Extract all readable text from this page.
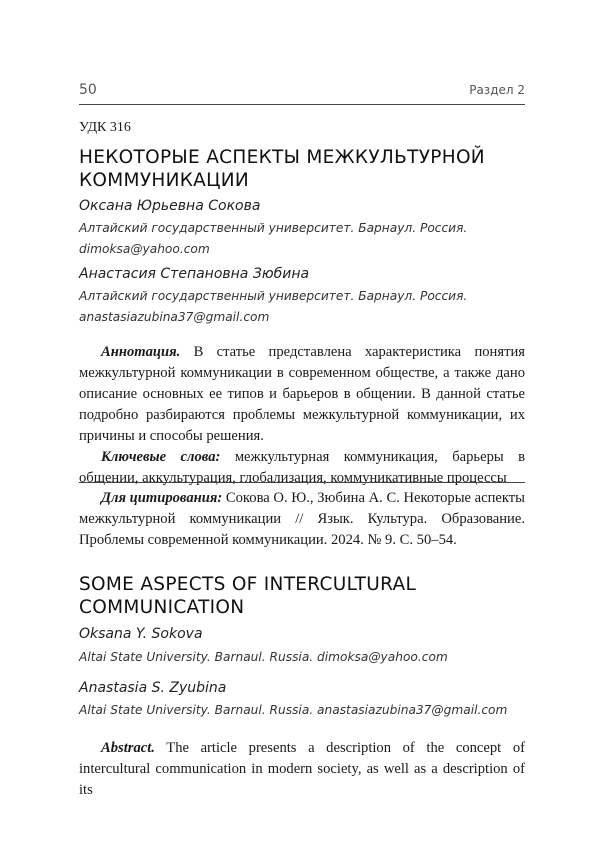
50	Раздел 2
УДК 316
НЕКОТОРЫЕ АСПЕКТЫ МЕЖКУЛЬТУРНОЙ
КОММУНИКАЦИИ
Оксана Юрьевна Сокова
Алтайский государственный университет. Барнаул. Россия.
dimoksa@yahoo.com
Анастасия Степановна Зюбина
Алтайский государственный университет. Барнаул. Россия.
anastasiazubina37@gmail.com

Аннотация. В статье представлена характеристика понятия межкультурной коммуникации в современном обществе, а также дано описание основных ее типов и барьеров в общении. В данной статье подробно разбираются проблемы межкультурной коммуникации, их причины и способы решения.

Ключевые слова: межкультурная коммуникация, барьеры в общении, аккультурация, глобализация, коммуникативные процессы

Для цитирования: Сокова О. Ю., Зюбина А. С. Некоторые аспекты межкультурной коммуникации // Язык. Культура. Образование. Проблемы современной коммуникации. 2024. № 9. С. 50–54.

SOME ASPECTS OF INTERCULTURAL
COMMUNICATION
Oksana Y. Sokova
Altai State University. Barnaul. Russia. dimoksa@yahoo.com
Anastasia S. Zyubina
Altai State University. Barnaul. Russia. anastasiazubina37@gmail.com

Abstract. The article presents a description of the concept of intercultural communication in modern society, as well as a description of its
